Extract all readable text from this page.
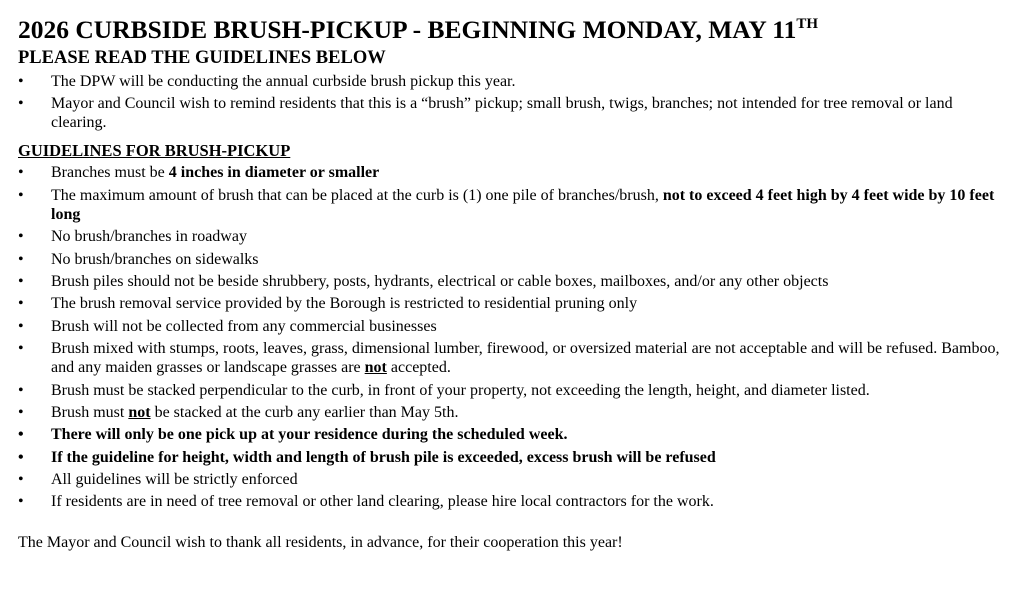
2026 CURBSIDE BRUSH-PICKUP - BEGINNING MONDAY, MAY 11TH
PLEASE READ THE GUIDELINES BELOW
•	The DPW will be conducting the annual curbside brush pickup this year.
•	Mayor and Council wish to remind residents that this is a “brush” pickup; small brush, twigs, branches; not intended for tree removal or land clearing.
GUIDELINES FOR BRUSH-PICKUP
•	Branches must be 4 inches in diameter or smaller
•	The maximum amount of brush that can be placed at the curb is (1) one pile of branches/brush, not to exceed 4 feet high by 4 feet wide by 10 feet long
•	No brush/branches in roadway
•	No brush/branches on sidewalks
•	Brush piles should not be beside shrubbery, posts, hydrants, electrical or cable boxes, mailboxes, and/or any other objects
•	The brush removal service provided by the Borough is restricted to residential pruning only
•	Brush will not be collected from any commercial businesses
•	Brush mixed with stumps, roots, leaves, grass, dimensional lumber, firewood, or oversized material are not acceptable and will be refused. Bamboo, and any maiden grasses or landscape grasses are not accepted.
•	Brush must be stacked perpendicular to the curb, in front of your property, not exceeding the length, height, and diameter listed.
•	Brush must not be stacked at the curb any earlier than May 5th.
•	There will only be one pick up at your residence during the scheduled week.
•	If the guideline for height, width and length of brush pile is exceeded, excess brush will be refused
•	All guidelines will be strictly enforced
•	If residents are in need of tree removal or other land clearing, please hire local contractors for the work.

The Mayor and Council wish to thank all residents, in advance, for their cooperation this year!
